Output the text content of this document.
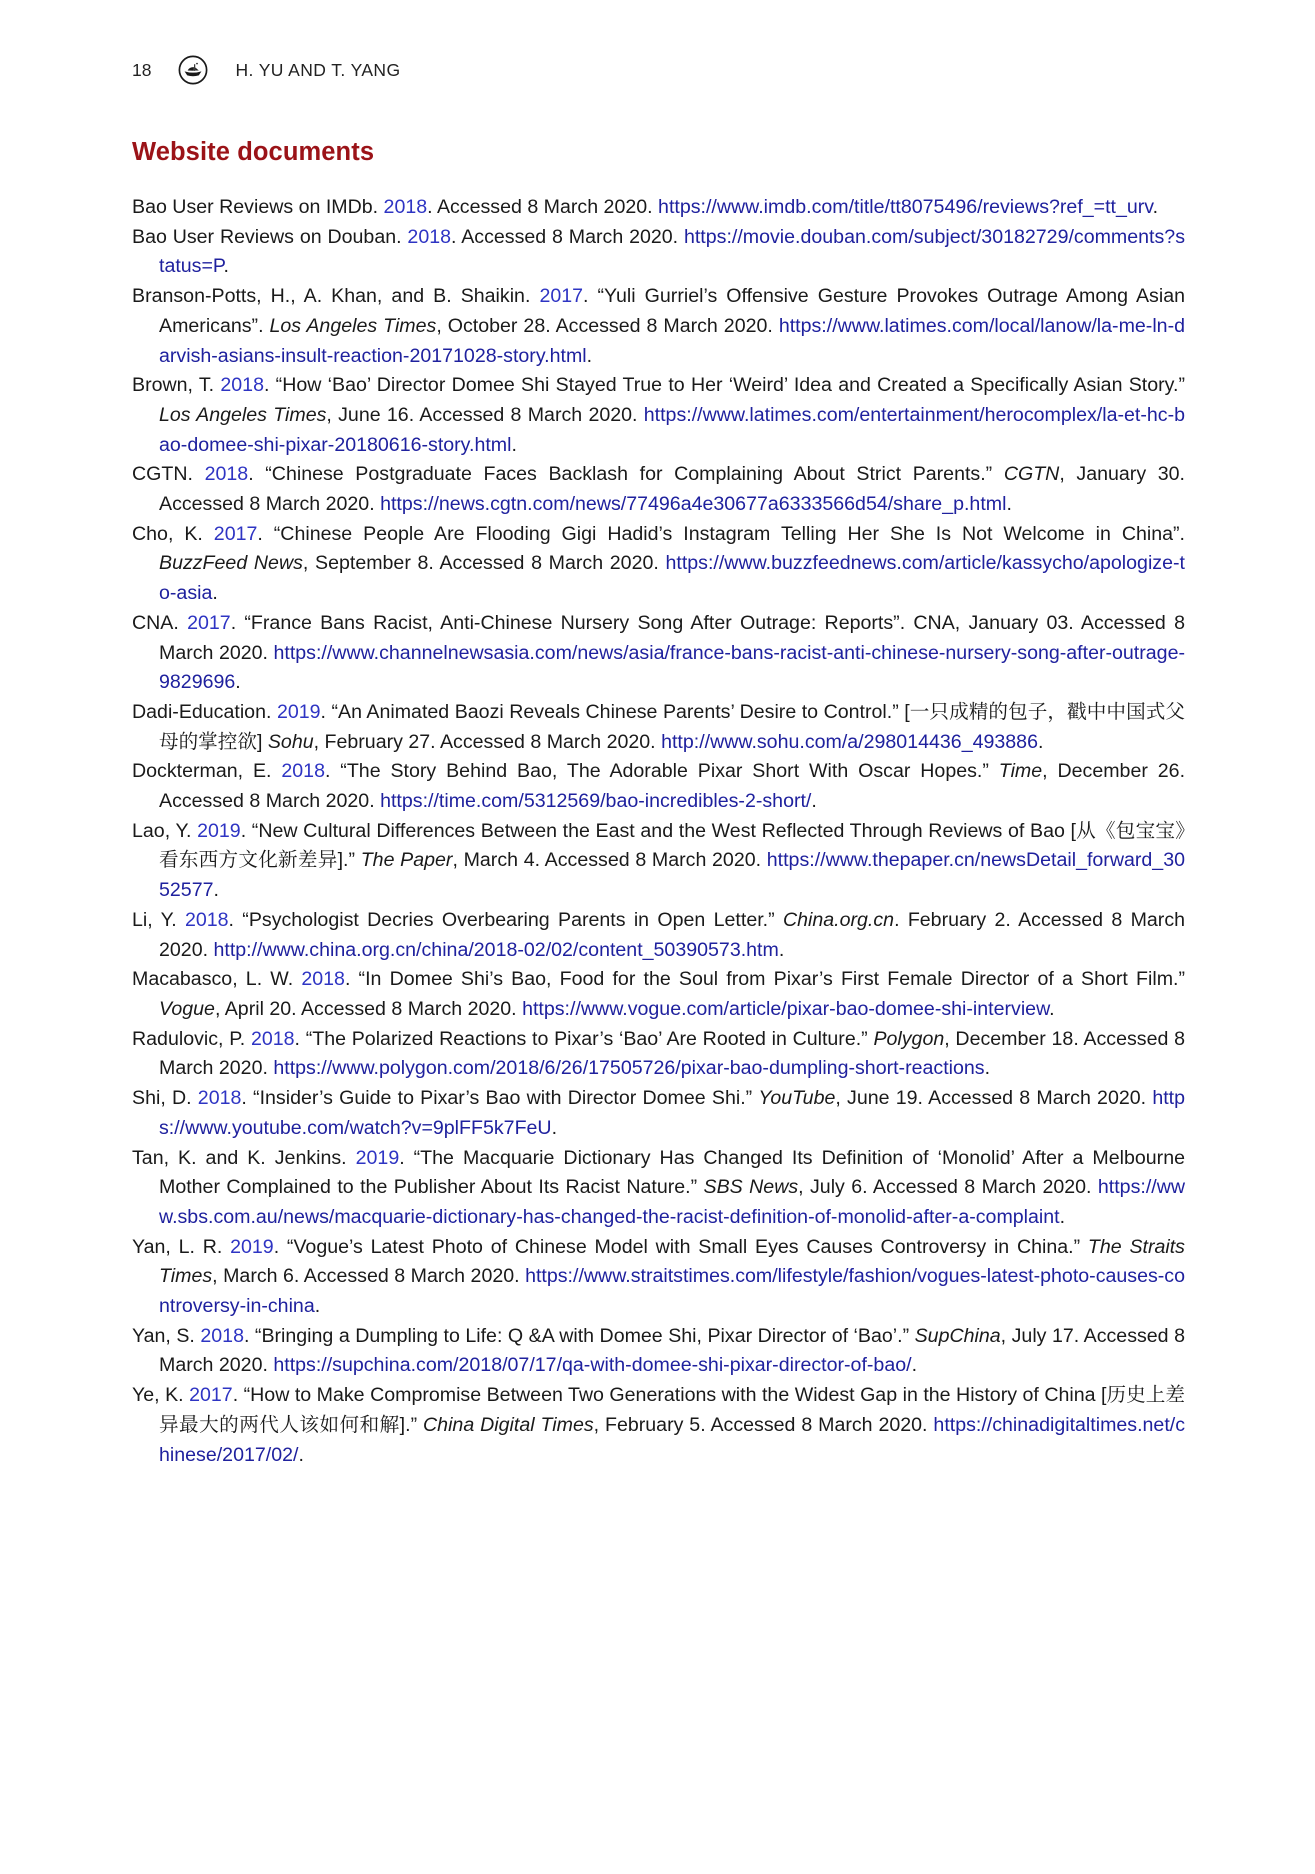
18	H. YU AND T. YANG
Website documents
Bao User Reviews on IMDb. 2018. Accessed 8 March 2020. https://www.imdb.com/title/tt8075496/reviews?ref_=tt_urv.
Bao User Reviews on Douban. 2018. Accessed 8 March 2020. https://movie.douban.com/subject/30182729/comments?status=P.
Branson-Potts, H., A. Khan, and B. Shaikin. 2017. “Yuli Gurriel’s Offensive Gesture Provokes Outrage Among Asian Americans”. Los Angeles Times, October 28. Accessed 8 March 2020. https://www.latimes.com/local/lanow/la-me-ln-darvish-asians-insult-reaction-20171028-story.html.
Brown, T. 2018. “How ‘Bao’ Director Domee Shi Stayed True to Her ‘Weird’ Idea and Created a Specifically Asian Story.” Los Angeles Times, June 16. Accessed 8 March 2020. https://www.latimes.com/entertainment/herocomplex/la-et-hc-bao-domee-shi-pixar-20180616-story.html.
CGTN. 2018. “Chinese Postgraduate Faces Backlash for Complaining About Strict Parents.” CGTN, January 30. Accessed 8 March 2020. https://news.cgtn.com/news/77496a4e30677a6333566d54/share_p.html.
Cho, K. 2017. “Chinese People Are Flooding Gigi Hadid’s Instagram Telling Her She Is Not Welcome in China”. BuzzFeed News, September 8. Accessed 8 March 2020. https://www.buzzfeednews.com/article/kassycho/apologize-to-asia.
CNA. 2017. “France Bans Racist, Anti-Chinese Nursery Song After Outrage: Reports”. CNA, January 03. Accessed 8 March 2020. https://www.channelnewsasia.com/news/asia/france-bans-racist-anti-chinese-nursery-song-after-outrage-9829696.
Dadi-Education. 2019. “An Animated Baozi Reveals Chinese Parents’ Desire to Control.” [一只成精的包子，戳中中国式父母的掌控欲] Sohu, February 27. Accessed 8 March 2020. http://www.sohu.com/a/298014436_493886.
Dockterman, E. 2018. “The Story Behind Bao, The Adorable Pixar Short With Oscar Hopes.” Time, December 26. Accessed 8 March 2020. https://time.com/5312569/bao-incredibles-2-short/.
Lao, Y. 2019. “New Cultural Differences Between the East and the West Reflected Through Reviews of Bao [从《包宝宝》看东西方文化新差异].” The Paper, March 4. Accessed 8 March 2020. https://www.thepaper.cn/newsDetail_forward_3052577.
Li, Y. 2018. “Psychologist Decries Overbearing Parents in Open Letter.” China.org.cn. February 2. Accessed 8 March 2020. http://www.china.org.cn/china/2018-02/02/content_50390573.htm.
Macabasco, L. W. 2018. “In Domee Shi’s Bao, Food for the Soul from Pixar’s First Female Director of a Short Film.” Vogue, April 20. Accessed 8 March 2020. https://www.vogue.com/article/pixar-bao-domee-shi-interview.
Radulovic, P. 2018. “The Polarized Reactions to Pixar’s ‘Bao’ Are Rooted in Culture.” Polygon, December 18. Accessed 8 March 2020. https://www.polygon.com/2018/6/26/17505726/pixar-bao-dumpling-short-reactions.
Shi, D. 2018. “Insider’s Guide to Pixar’s Bao with Director Domee Shi.” YouTube, June 19. Accessed 8 March 2020. https://www.youtube.com/watch?v=9plFF5k7FeU.
Tan, K. and K. Jenkins. 2019. “The Macquarie Dictionary Has Changed Its Definition of ‘Monolid’ After a Melbourne Mother Complained to the Publisher About Its Racist Nature.” SBS News, July 6. Accessed 8 March 2020. https://www.sbs.com.au/news/macquarie-dictionary-has-changed-the-racist-definition-of-monolid-after-a-complaint.
Yan, L. R. 2019. “Vogue’s Latest Photo of Chinese Model with Small Eyes Causes Controversy in China.” The Straits Times, March 6. Accessed 8 March 2020. https://www.straitstimes.com/lifestyle/fashion/vogues-latest-photo-causes-controversy-in-china.
Yan, S. 2018. “Bringing a Dumpling to Life: Q &A with Domee Shi, Pixar Director of ‘Bao’.” SupChina, July 17. Accessed 8 March 2020. https://supchina.com/2018/07/17/qa-with-domee-shi-pixar-director-of-bao/.
Ye, K. 2017. “How to Make Compromise Between Two Generations with the Widest Gap in the History of China [历史上差异最大的两代人该如何和解].” China Digital Times, February 5. Accessed 8 March 2020. https://chinadigitaltimes.net/chinese/2017/02/.
